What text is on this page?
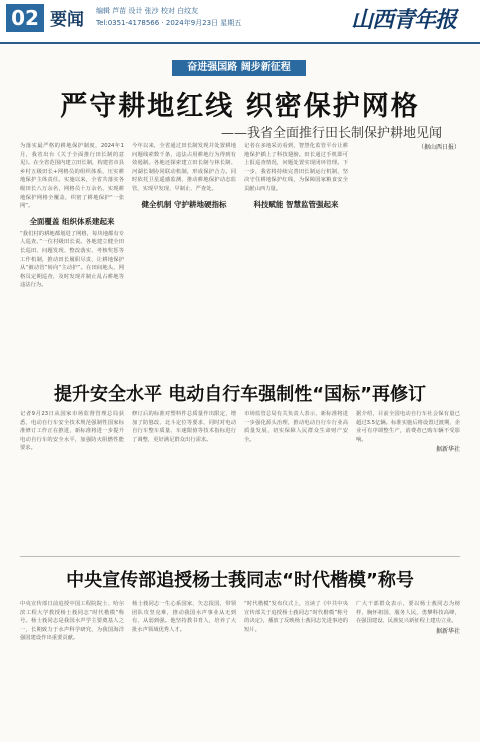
02 要闻 编辑 芦苗 设计 张沙 校对 白纹友
Tel:0351-4178566 · 2024年9月23日 星期五	山西青年报
奋进强国路 阔步新征程
严守耕地红线 织密保护网格
——我省全面推行田长制保护耕地见闻
为落实最严格的耕地保护制度，2024年1月，我省出台《关于全面推行田长制的意见》。在全省范围内建立田长制，构建省市县乡村五级田长+网格员的组织体系，压实耕地保护主体责任。实施以来，全省共落实各级田长八万余名，网格员十万余名，实现耕地保护网格全覆盖，织密了耕地保护“一张网”。
全面覆盖 组织体系建起来
“我们村的耕地都划进了网格，每块地都有专人巡查。”一位村级田长说。各地建立健全田长巡田、问题发现、整改落实、考核奖惩等工作机制，推动田长履职尽责，让耕地保护从“被动管”转向“主动护”。在田间地头，网格员定期巡查，及时发现并制止乱占耕地等违法行为。
今年以来，全省通过田长制发现并处置耕地问题线索数千条，违法占用耕地行为得到有效遏制。各地还探索建立田长制与林长制、河湖长制协同联动机制，形成保护合力。同时依托卫星遥感监测，推动耕地保护动态监管，实现早发现、早制止、严查处。
健全机制 守护耕地硬指标
记者在多地采访看到，智慧化监管平台让耕地保护插上了科技翅膀。田长通过手机即可上报巡查情况，问题处置实现闭环管理。下一步，我省将持续完善田长制运行机制，坚决守住耕地保护红线，为保障国家粮食安全贡献山西力量。
科技赋能 智慧监管强起来
（据山西日报）
提升安全水平 电动自行车强制性“国标”再修订
记者9月23日从国家市场监督管理总局获悉，电动自行车安全技术规范强制性国家标准修订工作正在推进，新标准将进一步提升电动自行车的安全水平，加强防火阻燃性能要求。
修订后的标准对塑料件总质量作出限定，增加了防篡改、北斗定位等要求，同时对电动自行车整车质量、车速限值等技术指标进行了调整，更好满足群众出行需求。
市场监管总局有关负责人表示，新标准将进一步强化源头治理，推动电动自行车行业高质量发展，切实保障人民群众生命财产安全。
据介绍，目前全国电动自行车社会保有量已超过3.5亿辆。标准实施后将设置过渡期，企业可有序调整生产，消费者已购车辆不受影响。
据新华社
中央宣传部追授杨士莪同志“时代楷模”称号
中央宣传部日前追授中国工程院院士、哈尔滨工程大学教授杨士莪同志“时代楷模”称号。杨士莪同志是我国水声学主要奠基人之一，长期致力于水声科学研究，为我国海洋强国建设作出重要贡献。
杨士莪同志一生心系国家、矢志报国，带领团队攻坚克难，推动我国水声事业从无到有、从弱到强。他坚持教书育人，培养了大批水声领域优秀人才。
“时代楷模”发布仪式上，宣读了《中共中央宣传部关于追授杨士莪同志“时代楷模”称号的决定》，播放了反映杨士莪同志先进事迹的短片。
广大干部群众表示，要以杨士莪同志为榜样，胸怀祖国、服务人民，勇攀科技高峰，在强国建设、民族复兴新征程上建功立业。
据新华社
